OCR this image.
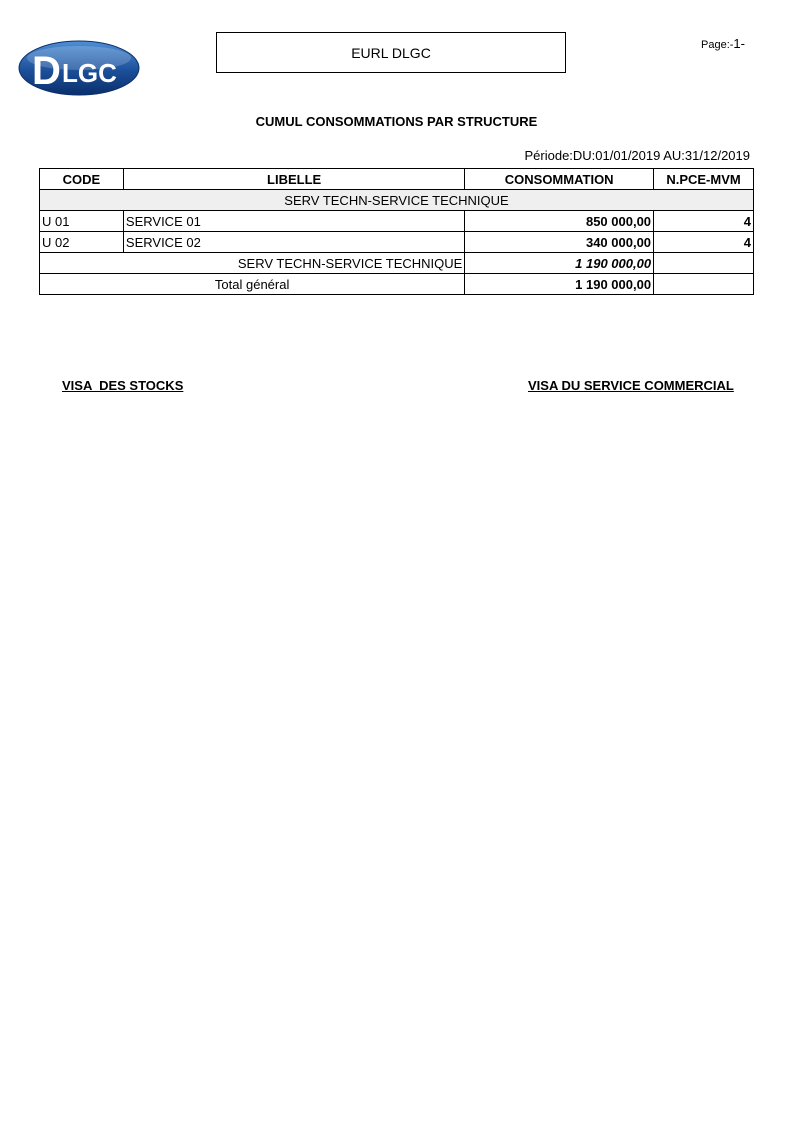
D LGC
EURL DLGC	Page:-1-
CUMUL CONSOMMATIONS PAR STRUCTURE
Période:DU:01/01/2019 AU:31/12/2019
CODE	LIBELLE	CONSOMMATION	N.PCE-MVM
SERV TECHN-SERVICE TECHNIQUE			
U 01	SERVICE 01	850 000,00	4
U 02	SERVICE 02	340 000,00	4
SERV TECHN-SERVICE TECHNIQUE		1 190 000,00	
Total général		1 190 000,00	
VISA  DES STOCKS	VISA DU SERVICE COMMERCIAL
